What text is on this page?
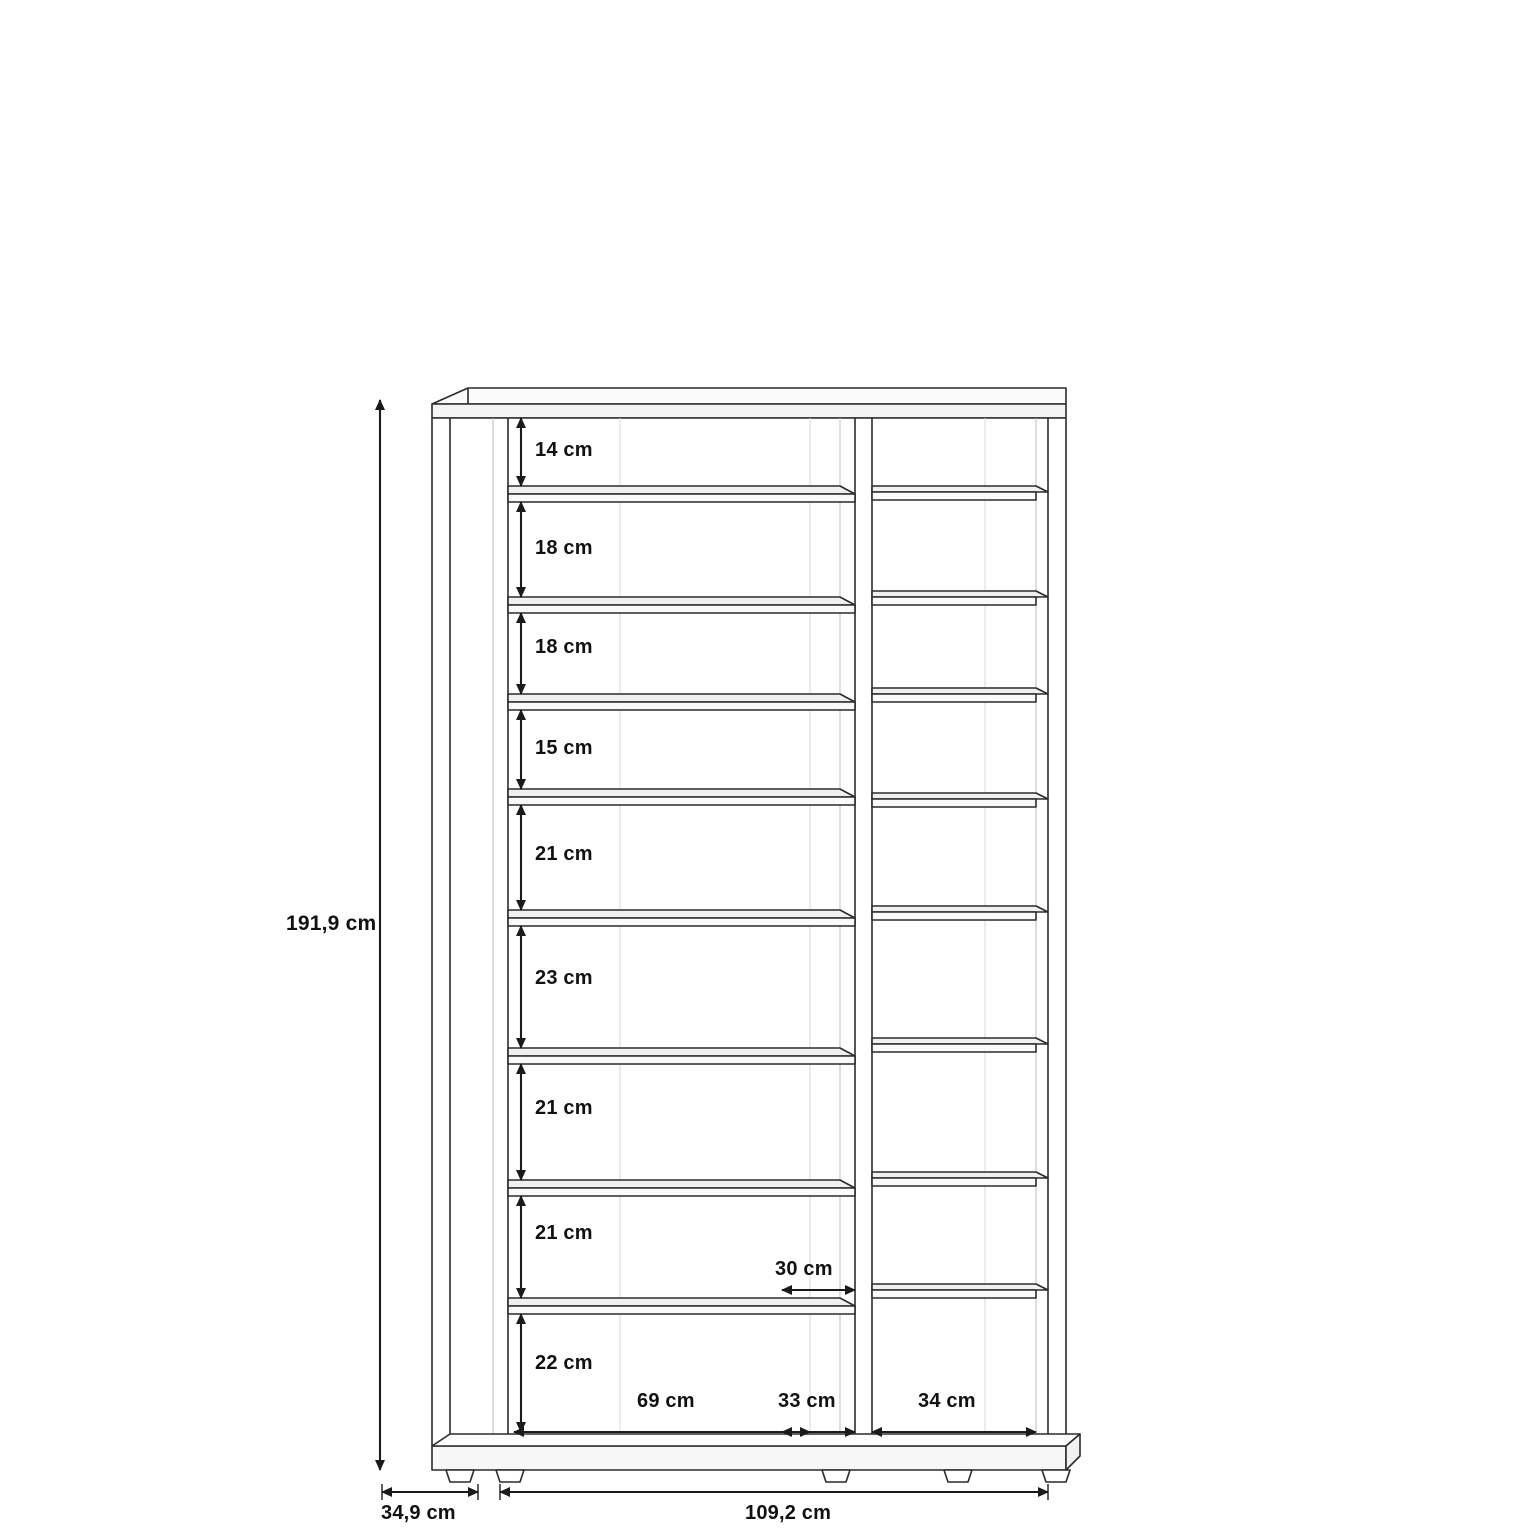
191,9 cm
14 cm
18 cm
18 cm
15 cm
21 cm
23 cm
21 cm
21 cm
22 cm
30 cm
69 cm	33 cm	34 cm
34,9 cm	109,2 cm
